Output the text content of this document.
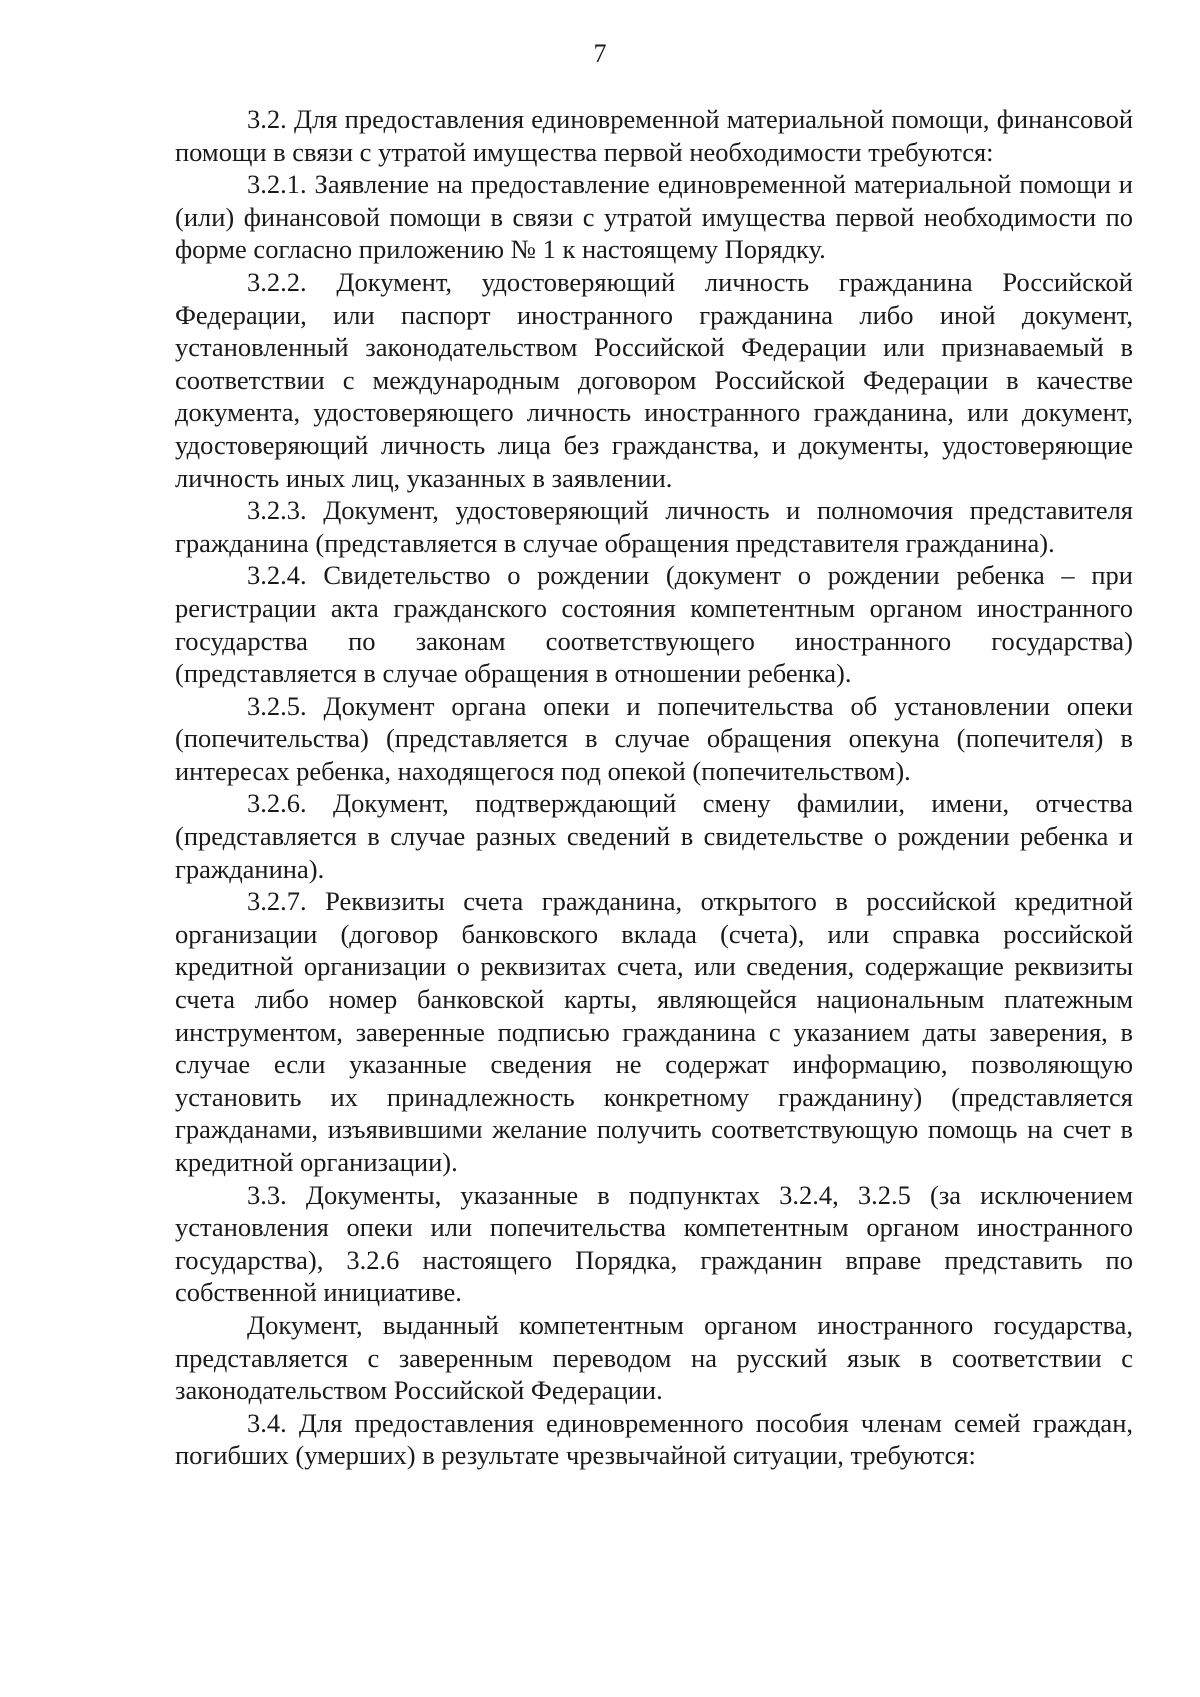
7

3.2. Для предоставления единовременной материальной помощи, финансовой помощи в связи с утратой имущества первой необходимости требуются:

3.2.1. Заявление на предоставление единовременной материальной помощи и (или) финансовой помощи в связи с утратой имущества первой необходимости по форме согласно приложению № 1 к настоящему Порядку.

3.2.2. Документ, удостоверяющий личность гражданина Российской Федерации, или паспорт иностранного гражданина либо иной документ, установленный законодательством Российской Федерации или признаваемый в соответствии с международным договором Российской Федерации в качестве документа, удостоверяющего личность иностранного гражданина, или документ, удостоверяющий личность лица без гражданства, и документы, удостоверяющие личность иных лиц, указанных в заявлении.

3.2.3. Документ, удостоверяющий личность и полномочия представителя гражданина (представляется в случае обращения представителя гражданина).

3.2.4. Свидетельство о рождении (документ о рождении ребенка – при регистрации акта гражданского состояния компетентным органом иностранного государства по законам соответствующего иностранного государства) (представляется в случае обращения в отношении ребенка).

3.2.5. Документ органа опеки и попечительства об установлении опеки (попечительства) (представляется в случае обращения опекуна (попечителя) в интересах ребенка, находящегося под опекой (попечительством).

3.2.6. Документ, подтверждающий смену фамилии, имени, отчества (представляется в случае разных сведений в свидетельстве о рождении ребенка и гражданина).

3.2.7. Реквизиты счета гражданина, открытого в российской кредитной организации (договор банковского вклада (счета), или справка российской кредитной организации о реквизитах счета, или сведения, содержащие реквизиты счета либо номер банковской карты, являющейся национальным платежным инструментом, заверенные подписью гражданина с указанием даты заверения, в случае если указанные сведения не содержат информацию, позволяющую установить их принадлежность конкретному гражданину) (представляется гражданами, изъявившими желание получить соответствующую помощь на счет в кредитной организации).

3.3. Документы, указанные в подпунктах 3.2.4, 3.2.5 (за исключением установления опеки или попечительства компетентным органом иностранного государства), 3.2.6 настоящего Порядка, гражданин вправе представить по собственной инициативе.

Документ, выданный компетентным органом иностранного государства, представляется с заверенным переводом на русский язык в соответствии с законодательством Российской Федерации.

3.4. Для предоставления единовременного пособия членам семей граждан, погибших (умерших) в результате чрезвычайной ситуации, требуются:
